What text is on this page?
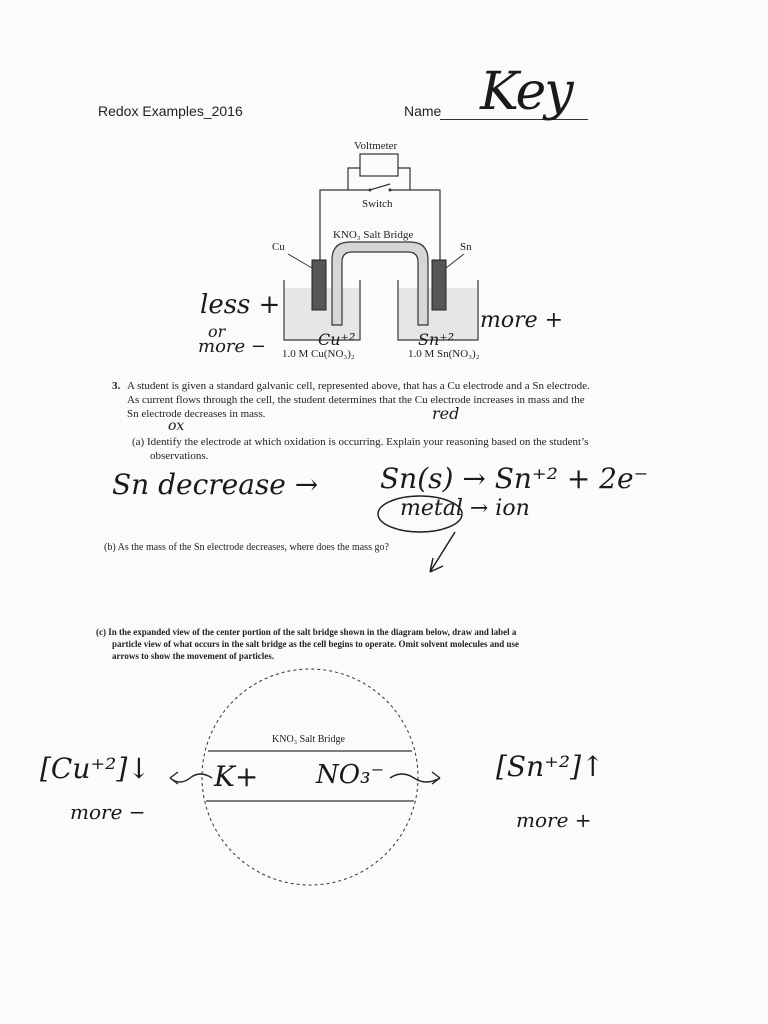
Redox Examples_2016	Name Key
Voltmeter
Switch
KNO₃ Salt Bridge
Cu	Sn
1.0 M Cu(NO₃)₂	1.0 M Sn(NO₃)₂
less +
or
more −	Cu⁺²	Sn⁺²
more +
3. A student is given a standard galvanic cell, represented above, that has a Cu electrode and a Sn electrode.
As current flows through the cell, the student determines that the Cu electrode increases in mass and the
Sn electrode decreases in mass.
ox
red
(a) Identify the electrode at which oxidation is occurring. Explain your reasoning based on the student’s
observations.
Sn decrease → Sn(s) → Sn⁺² + 2e⁻
metal → ion
(b) As the mass of the Sn electrode decreases, where does the mass go?
(c) In the expanded view of the center portion of the salt bridge shown in the diagram below, draw and label a
particle view of what occurs in the salt bridge as the cell begins to operate. Omit solvent molecules and use
arrows to show the movement of particles.
KNO₃ Salt Bridge
[Cu⁺²]↓
more −
K+ NO₃⁻	[Sn⁺²]↑
more +
